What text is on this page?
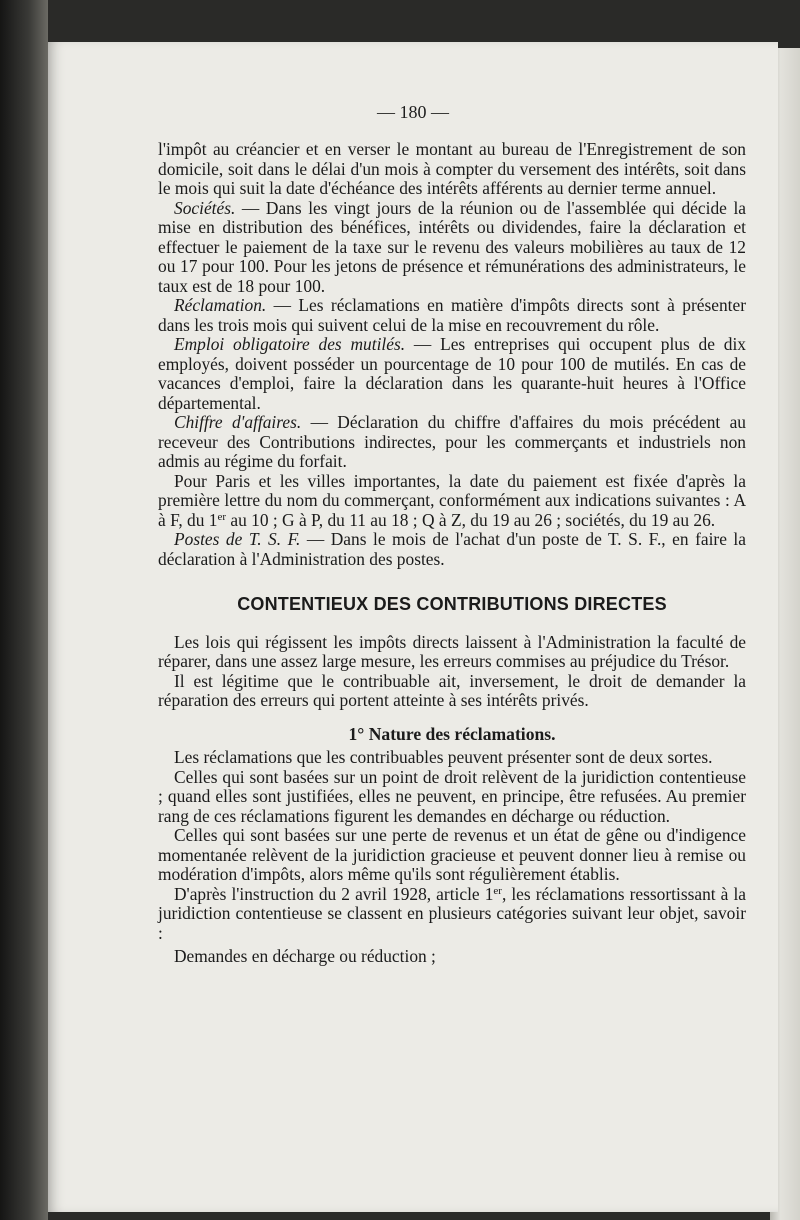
— 180 —

l'impôt au créancier et en verser le montant au bureau de l'Enregistrement de son domicile, soit dans le délai d'un mois à compter du versement des intérêts, soit dans le mois qui suit la date d'échéance des intérêts afférents au dernier terme annuel.

Sociétés. — Dans les vingt jours de la réunion ou de l'assemblée qui décide la mise en distribution des bénéfices, intérêts ou dividendes, faire la déclaration et effectuer le paiement de la taxe sur le revenu des valeurs mobilières au taux de 12 ou 17 pour 100. Pour les jetons de présence et rémunérations des administrateurs, le taux est de 18 pour 100.

Réclamation. — Les réclamations en matière d'impôts directs sont à présenter dans les trois mois qui suivent celui de la mise en recouvrement du rôle.

Emploi obligatoire des mutilés. — Les entreprises qui occupent plus de dix employés, doivent posséder un pourcentage de 10 pour 100 de mutilés. En cas de vacances d'emploi, faire la déclaration dans les quarante-huit heures à l'Office départemental.

Chiffre d'affaires. — Déclaration du chiffre d'affaires du mois précédent au receveur des Contributions indirectes, pour les commerçants et industriels non admis au régime du forfait.

Pour Paris et les villes importantes, la date du paiement est fixée d'après la première lettre du nom du commerçant, conformément aux indications suivantes : A à F, du 1er au 10 ; G à P, du 11 au 18 ; Q à Z, du 19 au 26 ; sociétés, du 19 au 26.

Postes de T. S. F. — Dans le mois de l'achat d'un poste de T. S. F., en faire la déclaration à l'Administration des postes.

CONTENTIEUX DES CONTRIBUTIONS DIRECTES

Les lois qui régissent les impôts directs laissent à l'Administration la faculté de réparer, dans une assez large mesure, les erreurs commises au préjudice du Trésor.

Il est légitime que le contribuable ait, inversement, le droit de demander la réparation des erreurs qui portent atteinte à ses intérêts privés.

1° Nature des réclamations.

Les réclamations que les contribuables peuvent présenter sont de deux sortes.

Celles qui sont basées sur un point de droit relèvent de la juridiction contentieuse ; quand elles sont justifiées, elles ne peuvent, en principe, être refusées. Au premier rang de ces réclamations figurent les demandes en décharge ou réduction.

Celles qui sont basées sur une perte de revenus et un état de gêne ou d'indigence momentanée relèvent de la juridiction gracieuse et peuvent donner lieu à remise ou modération d'impôts, alors même qu'ils sont régulièrement établis.

D'après l'instruction du 2 avril 1928, article 1er, les réclamations ressortissant à la juridiction contentieuse se classent en plusieurs catégories suivant leur objet, savoir :

Demandes en décharge ou réduction ;
